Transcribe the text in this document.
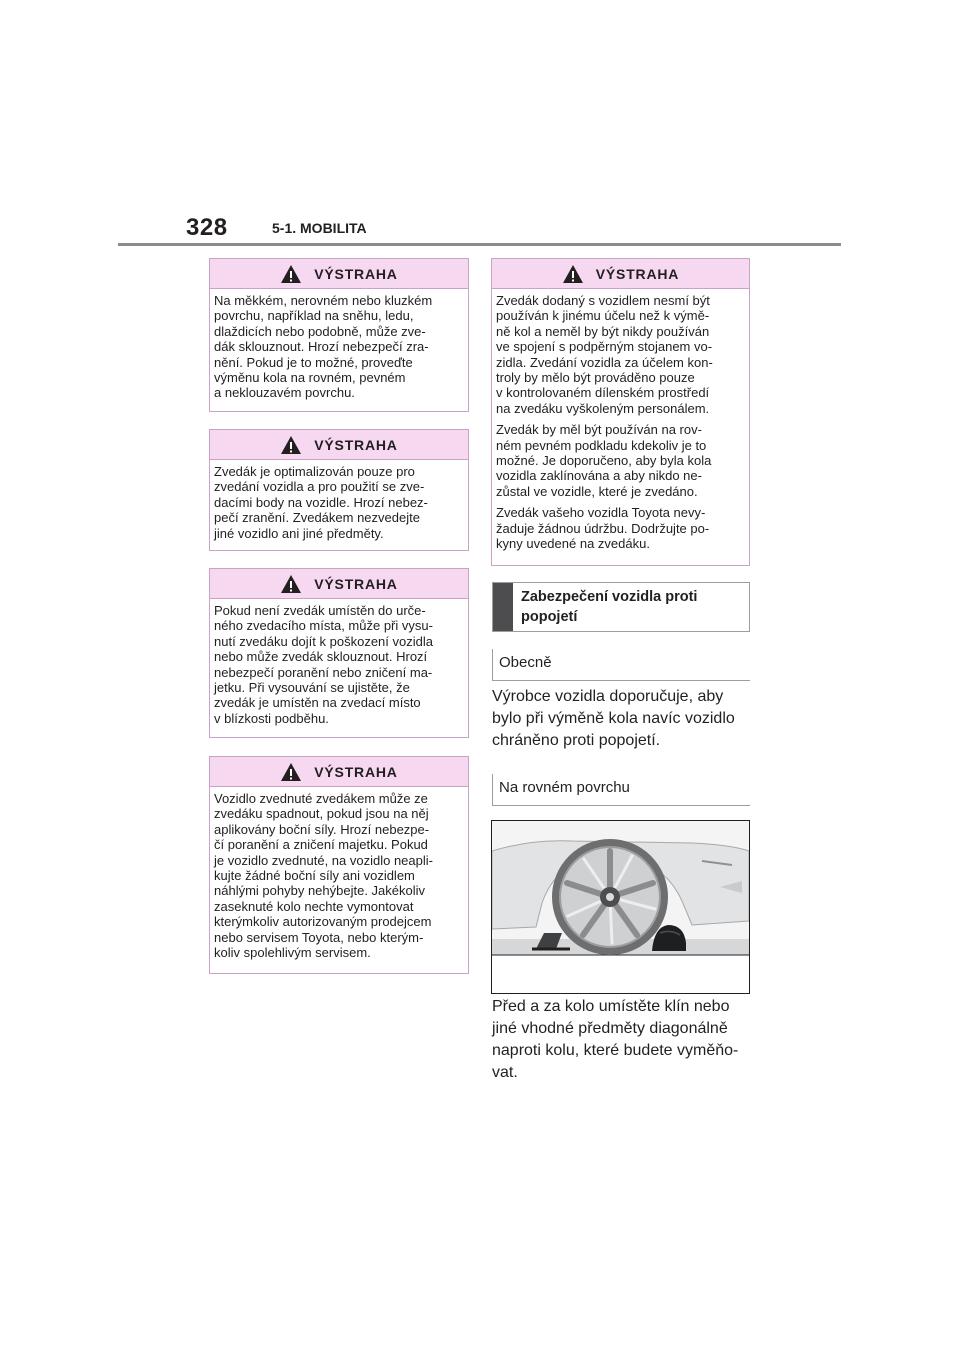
328	5-1. MOBILITA
VÝSTRAHA

Na měkkém, nerovném nebo kluzkém
povrchu, například na sněhu, ledu,
dlaždicích nebo podobně, může zve-
dák sklouznout. Hrozí nebezpečí zra-
nění. Pokud je to možné, proveďte
výměnu kola na rovném, pevném
a neklouzavém povrchu.

VÝSTRAHA

Zvedák je optimalizován pouze pro
zvedání vozidla a pro použití se zve-
dacími body na vozidle. Hrozí nebez-
pečí zranění. Zvedákem nezvedejte
jiné vozidlo ani jiné předměty.

VÝSTRAHA

Pokud není zvedák umístěn do urče-
ného zvedacího místa, může při vysu-
nutí zvedáku dojít k poškození vozidla
nebo může zvedák sklouznout. Hrozí
nebezpečí poranění nebo zničení ma-
jetku. Při vysouvání se ujistěte, že
zvedák je umístěn na zvedací místo
v blízkosti podběhu.

VÝSTRAHA

Vozidlo zvednuté zvedákem může ze
zvedáku spadnout, pokud jsou na něj
aplikovány boční síly. Hrozí nebezpe-
čí poranění a zničení majetku. Pokud
je vozidlo zvednuté, na vozidlo neapli-
kujte žádné boční síly ani vozidlem
náhlými pohyby nehýbejte. Jakékoliv
zaseknuté kolo nechte vymontovat
kterýmkoliv autorizovaným prodejcem
nebo servisem Toyota, nebo kterým-
koliv spolehlivým servisem.

VÝSTRAHA

Zvedák dodaný s vozidlem nesmí být
používán k jinému účelu než k výmě-
ně kol a neměl by být nikdy používán
ve spojení s podpěrným stojanem vo-
zidla. Zvedání vozidla za účelem kon-
troly by mělo být prováděno pouze
v kontrolovaném dílenském prostředí
na zvedáku vyškoleným personálem.

Zvedák by měl být používán na rov-
ném pevném podkladu kdekoliv je to
možné. Je doporučeno, aby byla kola
vozidla zaklínována a aby nikdo ne-
zůstal ve vozidle, které je zvedáno.

Zvedák vašeho vozidla Toyota nevy-
žaduje žádnou údržbu. Dodržujte po-
kyny uvedené na zvedáku.

Zabezpečení vozidla proti
popojetí
Obecně
Výrobce vozidla doporučuje, aby
bylo při výměně kola navíc vozidlo
chráněno proti popojetí.
Na rovném povrchu
Před a za kolo umístěte klín nebo
jiné vhodné předměty diagonálně
naproti kolu, které budete vyměňo-
vat.
